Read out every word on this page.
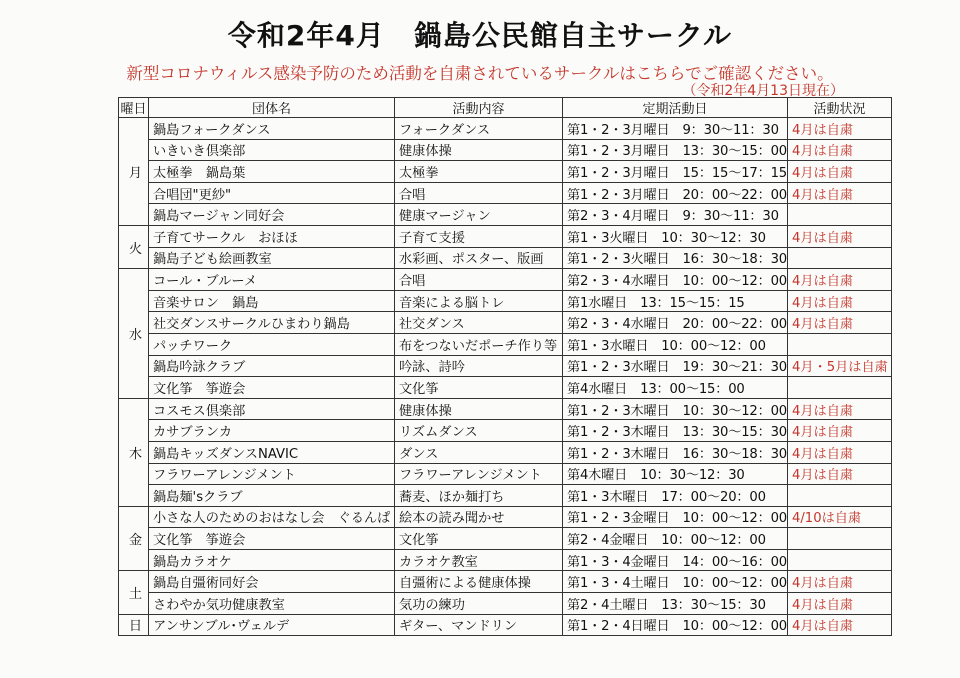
令和2年4月　鍋島公民館自主サークル
新型コロナウィルス感染予防のため活動を自粛されているサークルはこちらでご確認ください。
（令和2年4月13日現在）
曜日	団体名	活動内容	定期活動日	活動状況
月	鍋島フォークダンス	フォークダンス	第1・2・3月曜日　9：30～11：30	4月は自粛
	いきいき倶楽部	健康体操	第1・2・3月曜日　13：30～15：00	4月は自粛
	太極拳　鍋島葉	太極拳	第1・2・3月曜日　15：15～17：15	4月は自粛
	合唱団"更紗"	合唱	第1・2・3月曜日　20：00～22：00	4月は自粛
	鍋島マージャン同好会	健康マージャン	第2・3・4月曜日　9：30～11：30	
火	子育てサークル　おほほ	子育て支援	第1・3火曜日　10：30～12：30	4月は自粛
	鍋島子ども絵画教室	水彩画、ポスター、版画	第1・2・3火曜日　16：30～18：30	
水	コール・ブルーメ	合唱	第2・3・4水曜日　10：00～12：00	4月は自粛
	音楽サロン　鍋島	音楽による脳トレ	第1水曜日　13：15～15：15	4月は自粛
	社交ダンスサークルひまわり鍋島	社交ダンス	第2・3・4水曜日　20：00～22：00	4月は自粛
	パッチワーク	布をつないだポーチ作り等	第1・3水曜日　10：00～12：00	
	鍋島吟詠クラブ	吟詠、詩吟	第1・2・3水曜日　19：30～21：30	4月・5月は自粛
	文化筝　筝遊会	文化筝	第4水曜日　13：00～15：00	
木	コスモス倶楽部	健康体操	第1・2・3木曜日　10：30～12：00	4月は自粛
	カサブランカ	リズムダンス	第1・2・3木曜日　13：30～15：30	4月は自粛
	鍋島キッズダンスNAVIC	ダンス	第1・2・3木曜日　16：30～18：30	4月は自粛
	フラワーアレンジメント	フラワーアレンジメント	第4木曜日　10：30～12：30	4月は自粛
	鍋島麺'sクラブ	蕎麦、ほか麺打ち	第1・3木曜日　17：00～20：00	
金	小さな人のためのおはなし会　ぐるんぱ	絵本の読み聞かせ	第1・2・3金曜日　10：00～12：00	4/10は自粛
	文化筝　筝遊会	文化筝	第2・4金曜日　10：00～12：00	
	鍋島カラオケ	カラオケ教室	第1・3・4金曜日　14：00～16：00	
土	鍋島自彊術同好会	自彊術による健康体操	第1・3・4土曜日　10：00～12：00	4月は自粛
	さわやか気功健康教室	気功の練功	第2・4土曜日　13：30～15：30	4月は自粛
日	アンサンブル･ヴェルデ	ギター、マンドリン	第1・2・4日曜日　10：00～12：00	4月は自粛
